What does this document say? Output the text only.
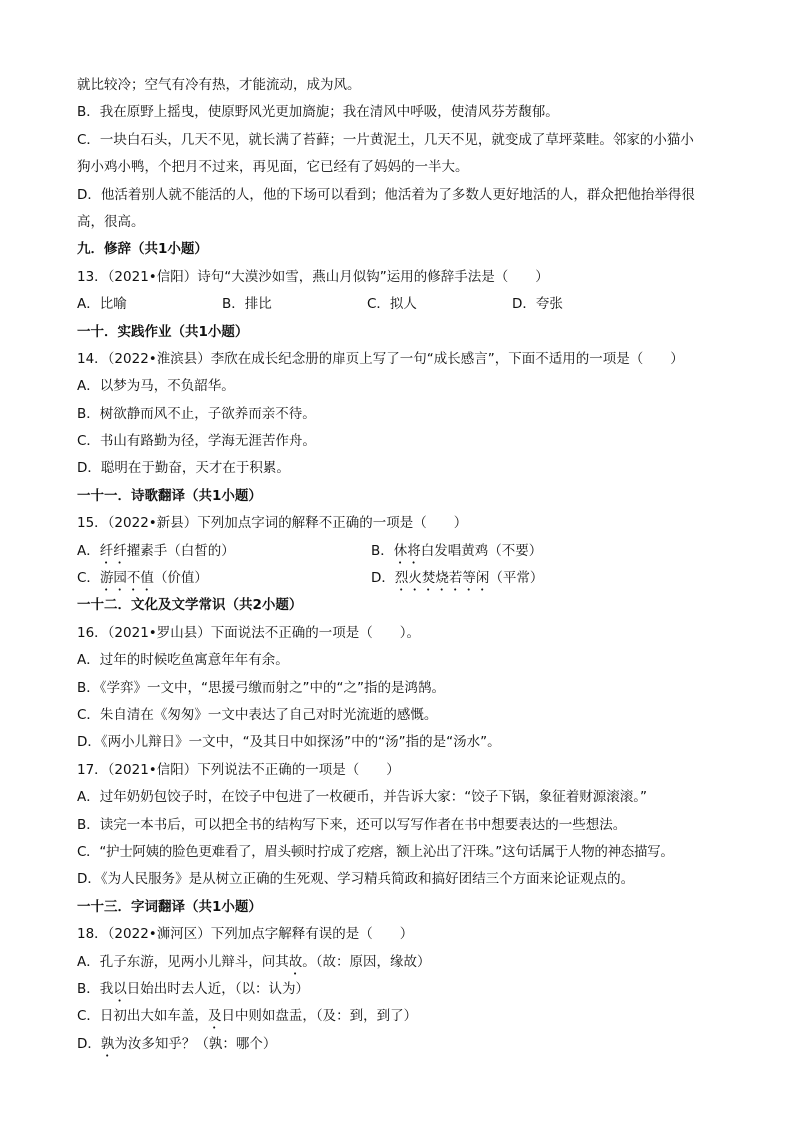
就比较冷；空气有冷有热，才能流动，成为风。
B．我在原野上摇曳，使原野风光更加旖旎；我在清风中呼吸，使清风芬芳馥郁。
C．一块白石头，几天不见，就长满了苔藓；一片黄泥土，几天不见，就变成了草坪菜畦。邻家的小猫小
狗小鸡小鸭，个把月不过来，再见面，它已经有了妈妈的一半大。
D．他活着别人就不能活的人，他的下场可以看到；他活着为了多数人更好地活的人，群众把他抬举得很
高，很高。
九．修辞（共1小题）
13．（2021•信阳）诗句“大漠沙如雪，燕山月似钩”运用的修辞手法是（　　）
A．比喻	B．排比	C．拟人	D．夸张
一十．实践作业（共1小题）
14．（2022•淮滨县）李欣在成长纪念册的扉页上写了一句“成长感言”，下面不适用的一项是（　　）
A．以梦为马，不负韶华。
B．树欲静而风不止，子欲养而亲不待。
C．书山有路勤为径，学海无涯苦作舟。
D．聪明在于勤奋，天才在于积累。
一十一．诗歌翻译（共1小题）
15．（2022•新县）下列加点字词的解释不正确的一项是（　　）
A．纤纤擢素手（白皙的）	B．休将白发唱黄鸡（不要）
C．游园不值（价值）	D．烈火焚烧若等闲（平常）
一十二．文化及文学常识（共2小题）
16．（2021•罗山县）下面说法不正确的一项是（　　）。
A．过年的时候吃鱼寓意年年有余。
B．《学弈》一文中，“思援弓缴而射之”中的“之”指的是鸿鹄。
C．朱自清在《匆匆》一文中表达了自己对时光流逝的感慨。
D．《两小儿辩日》一文中，“及其日中如探汤”中的“汤”指的是“汤水”。
17．（2021•信阳）下列说法不正确的一项是（　　）
A．过年奶奶包饺子时，在饺子中包进了一枚硬币，并告诉大家：“饺子下锅，象征着财源滚滚。”
B．读完一本书后，可以把全书的结构写下来，还可以写写作者在书中想要表达的一些想法。
C．“护士阿姨的脸色更难看了，眉头顿时拧成了疙瘩，额上沁出了汗珠。”这句话属于人物的神态描写。
D．《为人民服务》是从树立正确的生死观、学习精兵简政和搞好团结三个方面来论证观点的。
一十三．字词翻译（共1小题）
18．（2022•浉河区）下列加点字解释有误的是（　　）
A．孔子东游，见两小儿辩斗，问其故。（故：原因，缘故）
B．我以日始出时去人近，（以：认为）
C．日初出大如车盖，及日中则如盘盂，（及：到，到了）
D．孰为汝多知乎？（孰：哪个）
